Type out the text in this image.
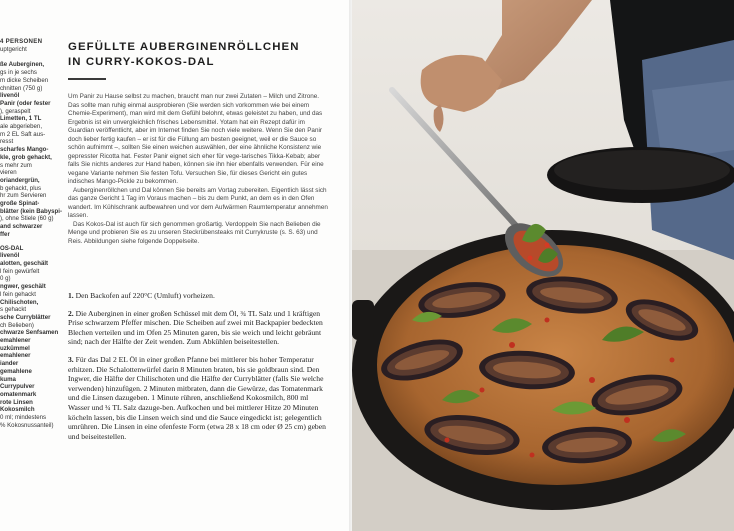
4 PERSONEN
uptgericht
ße Auberginen,
gs in je sechs
m dicke Scheiben
chnitten (750 g)
livenöl
Panir (oder fester
), geraspelt
Limetten, 1 TL
ale abgerieben,
m 2 EL Saft aus-
resst
scharfes Mango-
kle, grob gehackt,
s mehr zum
vieren
oriandergrün,
b gehackt, plus
hr zum Servieren
große Spinat-
blätter (kein Babyspi-
), ohne Stiele (60 g)
and schwarzer
ffer
OS-DAL
livenöl
alotten, geschält
l fein gewürfelt
0 g)
ngwer, geschält
l fein gehackt
Chilischoten,
s gehackt
sche Curryblätter
ch Belieben)
chwarze Senfsamen
emahlener
uzkümmel
emahlener
iander
gemahlene
kuma
Currypulver
omatenmark
rote Linsen
Kokosmilch
0 ml; mindestens
% Kokosnussanteil)
GEFÜLLTE AUBERGINENRÖLLCHEN
IN CURRY-KOKOS-DAL

Um Panir zu Hause selbst zu machen, braucht man nur zwei Zutaten – Milch und Zitrone. Das sollte man ruhig einmal ausprobieren (Sie werden sich vorkommen wie bei einem Chemie-Experiment), man wird mit dem Gefühl belohnt, etwas geleistet zu haben, und das Ergebnis ist ein unvergleichlich frisches Lebensmittel. Yotam hat ein Rezept dafür im Guardian veröffentlicht, aber im Internet finden Sie noch viele weitere. Wenn Sie den Panir doch lieber fertig kaufen – er ist für die Füllung am besten geeignet, weil er die Sauce so schön aufnimmt –, sollten Sie einen weichen auswählen, der eine ähnliche Konsistenz wie gepresster Ricotta hat. Fester Panir eignet sich eher für vege-tarisches Tikka-Kebab; aber falls Sie nichts anderes zur Hand haben, können sie ihn hier ebenfalls verwenden. Für eine vegane Variante nehmen Sie festen Tofu. Versuchen Sie, für dieses Gericht ein gutes indisches Mango-Pickle zu bekommen.

Auberginenröllchen und Dal können Sie bereits am Vortag zubereiten. Eigentlich lässt sich das ganze Gericht 1 Tag im Voraus machen – bis zu dem Punkt, an dem es in den Ofen wandert. Im Kühlschrank aufbewahren und vor dem Aufwärmen Raumtemperatur annehmen lassen.

Das Kokos-Dal ist auch für sich genommen großartig. Verdoppeln Sie nach Belieben die Menge und probieren Sie es zu unseren Steckrübensteaks mit Currykruste (s. S. 63) und Reis. Abbildungen siehe folgende Doppelseite.

1. Den Backofen auf 220°C (Umluft) vorheizen.

2. Die Auberginen in einer großen Schüssel mit dem Öl, ¾ TL Salz und 1 kräftigen Prise schwarzem Pfeffer mischen. Die Scheiben auf zwei mit Backpapier bedeckten Blechen verteilen und im Ofen 25 Minuten garen, bis sie weich und leicht gebräunt sind; nach der Hälfte der Zeit wenden. Zum Abkühlen beiseitestellen.

3. Für das Dal 2 EL Öl in einer großen Pfanne bei mittlerer bis hoher Temperatur erhitzen. Die Schalottenwürfel darin 8 Minuten braten, bis sie goldbraun sind. Den Ingwer, die Hälfte der Chilischoten und die Hälfte der Curryblätter (falls Sie welche verwenden) hinzufügen. 2 Minuten mitbraten, dann die Gewürze, das Tomatenmark und die Linsen dazugeben. 1 Minute rühren, anschließend Kokosmilch, 800 ml Wasser und ¾ TL Salz dazuge-ben. Aufkochen und bei mittlerer Hitze 20 Minuten köcheln lassen, bis die Linsen weich sind und die Sauce eingedickt ist; gelegentlich umrühren. Die Linsen in eine ofenfeste Form (etwa 28 x 18 cm oder Ø 25 cm) geben und beiseitestellen.
